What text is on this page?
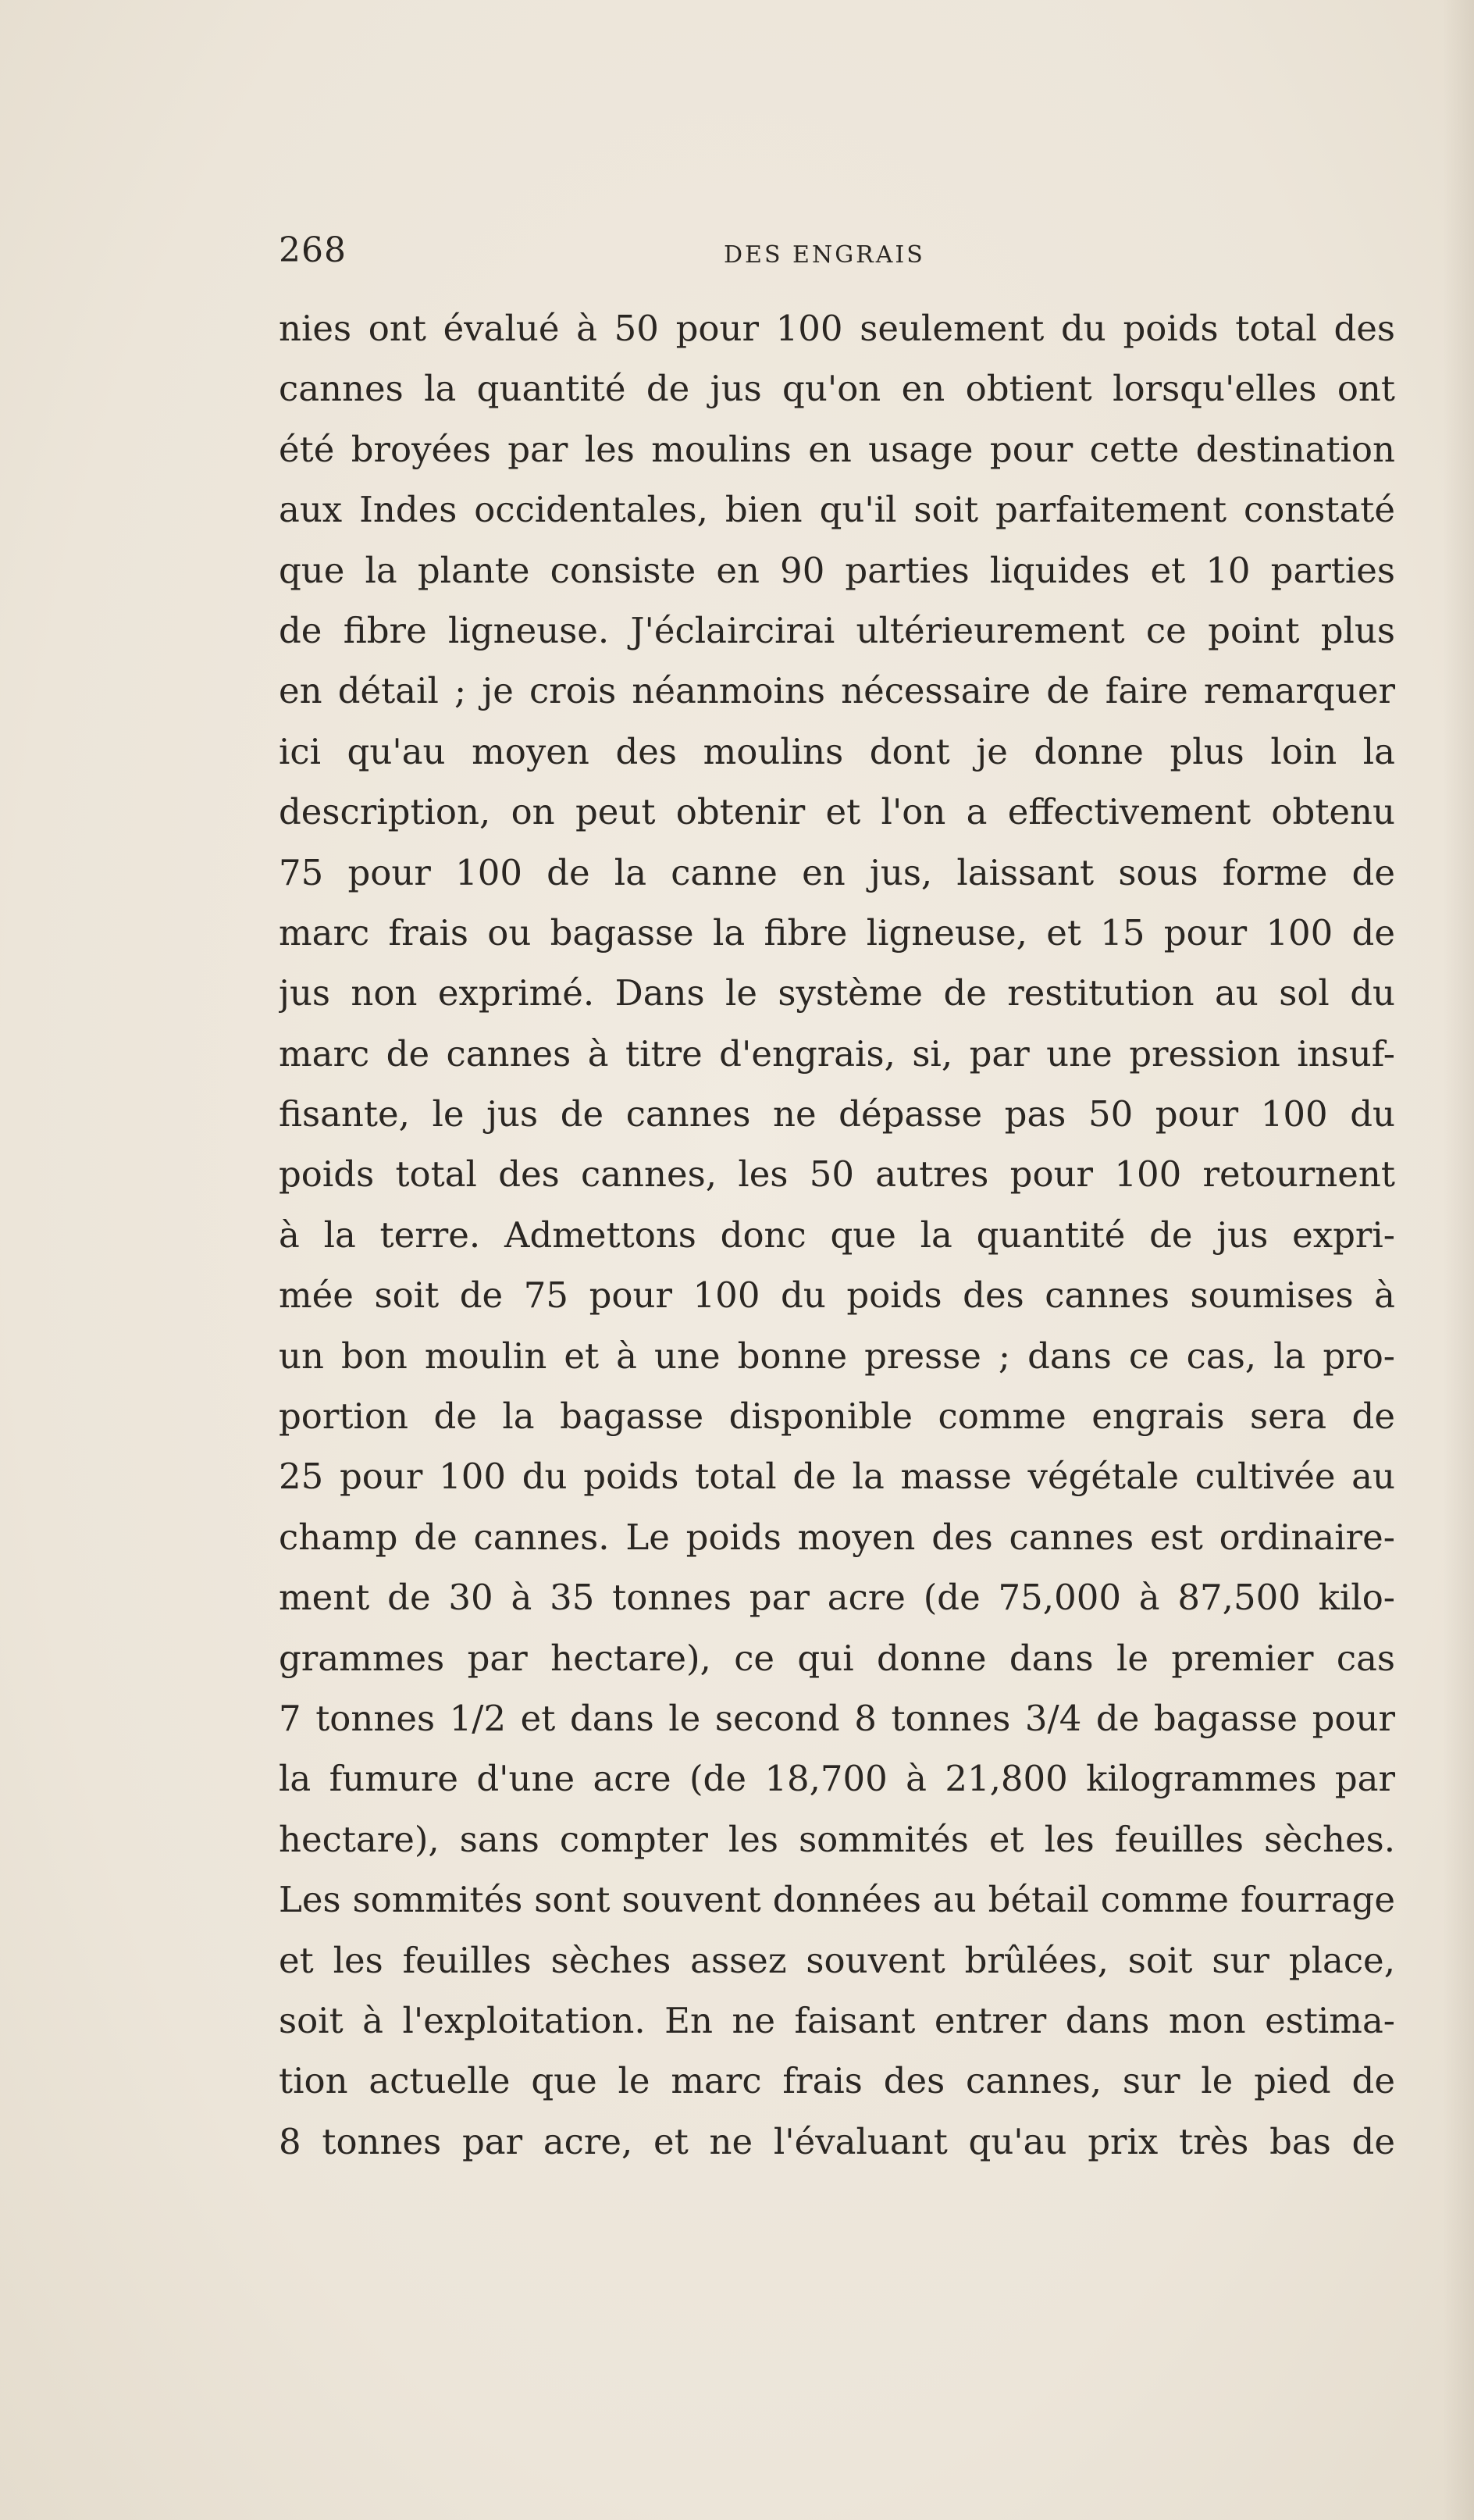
268	DES ENGRAIS
nies ont évalué à 50 pour 100 seulement du poids total des
cannes la quantité de jus qu'on en obtient lorsqu'elles ont
été broyées par les moulins en usage pour cette destination
aux Indes occidentales, bien qu'il soit parfaitement constaté
que la plante consiste en 90 parties liquides et 10 parties
de fibre ligneuse. J'éclaircirai ultérieurement ce point plus
en détail ; je crois néanmoins nécessaire de faire remarquer
ici qu'au moyen des moulins dont je donne plus loin la
description, on peut obtenir et l'on a effectivement obtenu
75 pour 100 de la canne en jus, laissant sous forme de
marc frais ou bagasse la fibre ligneuse, et 15 pour 100 de
jus non exprimé. Dans le système de restitution au sol du
marc de cannes à titre d'engrais, si, par une pression insuf-
fisante, le jus de cannes ne dépasse pas 50 pour 100 du
poids total des cannes, les 50 autres pour 100 retournent
à la terre. Admettons donc que la quantité de jus expri-
mée soit de 75 pour 100 du poids des cannes soumises à
un bon moulin et à une bonne presse ; dans ce cas, la pro-
portion de la bagasse disponible comme engrais sera de
25 pour 100 du poids total de la masse végétale cultivée au
champ de cannes. Le poids moyen des cannes est ordinaire-
ment de 30 à 35 tonnes par acre (de 75,000 à 87,500 kilo-
grammes par hectare), ce qui donne dans le premier cas
7 tonnes 1/2 et dans le second 8 tonnes 3/4 de bagasse pour
la fumure d'une acre (de 18,700 à 21,800 kilogrammes par
hectare), sans compter les sommités et les feuilles sèches.
Les sommités sont souvent données au bétail comme fourrage
et les feuilles sèches assez souvent brûlées, soit sur place,
soit à l'exploitation. En ne faisant entrer dans mon estima-
tion actuelle que le marc frais des cannes, sur le pied de
8 tonnes par acre, et ne l'évaluant qu'au prix très bas de
